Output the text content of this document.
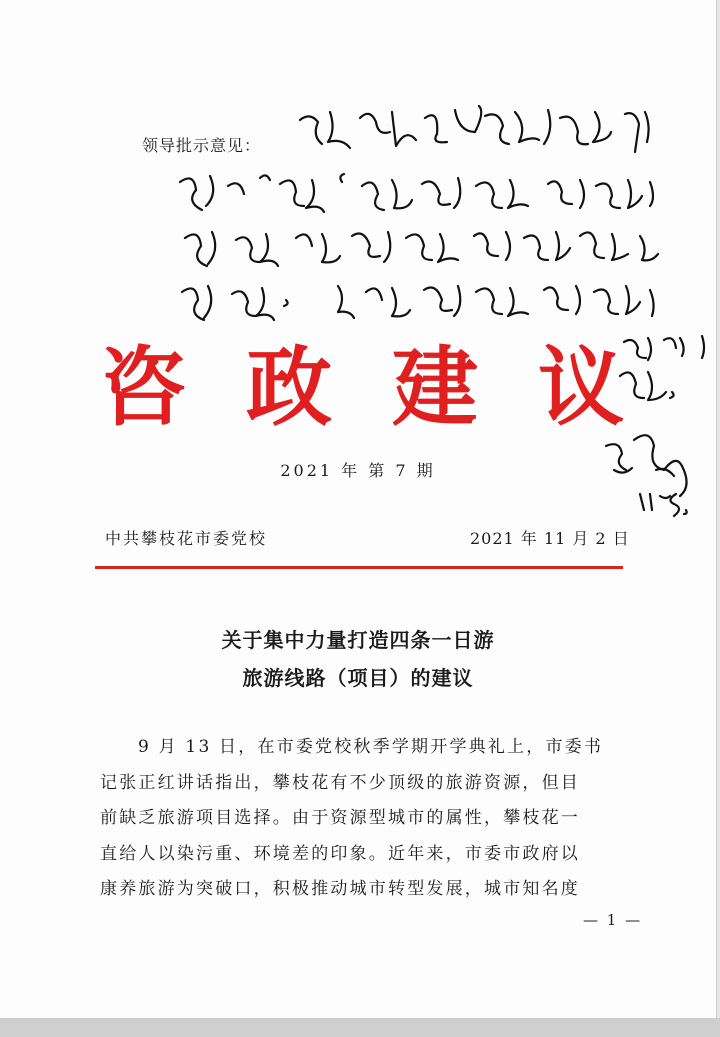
领导批示意见：
咨政建议
2021 年 第 7 期
中共攀枝花市委党校	2021 年 11 月 2 日
关于集中力量打造四条一日游
旅游线路（项目）的建议
9 月 13 日，在市委党校秋季学期开学典礼上，市委书
记张正红讲话指出，攀枝花有不少顶级的旅游资源，但目
前缺乏旅游项目选择。由于资源型城市的属性，攀枝花一
直给人以染污重、环境差的印象。近年来，市委市政府以
康养旅游为突破口，积极推动城市转型发展，城市知名度
— 1 —
